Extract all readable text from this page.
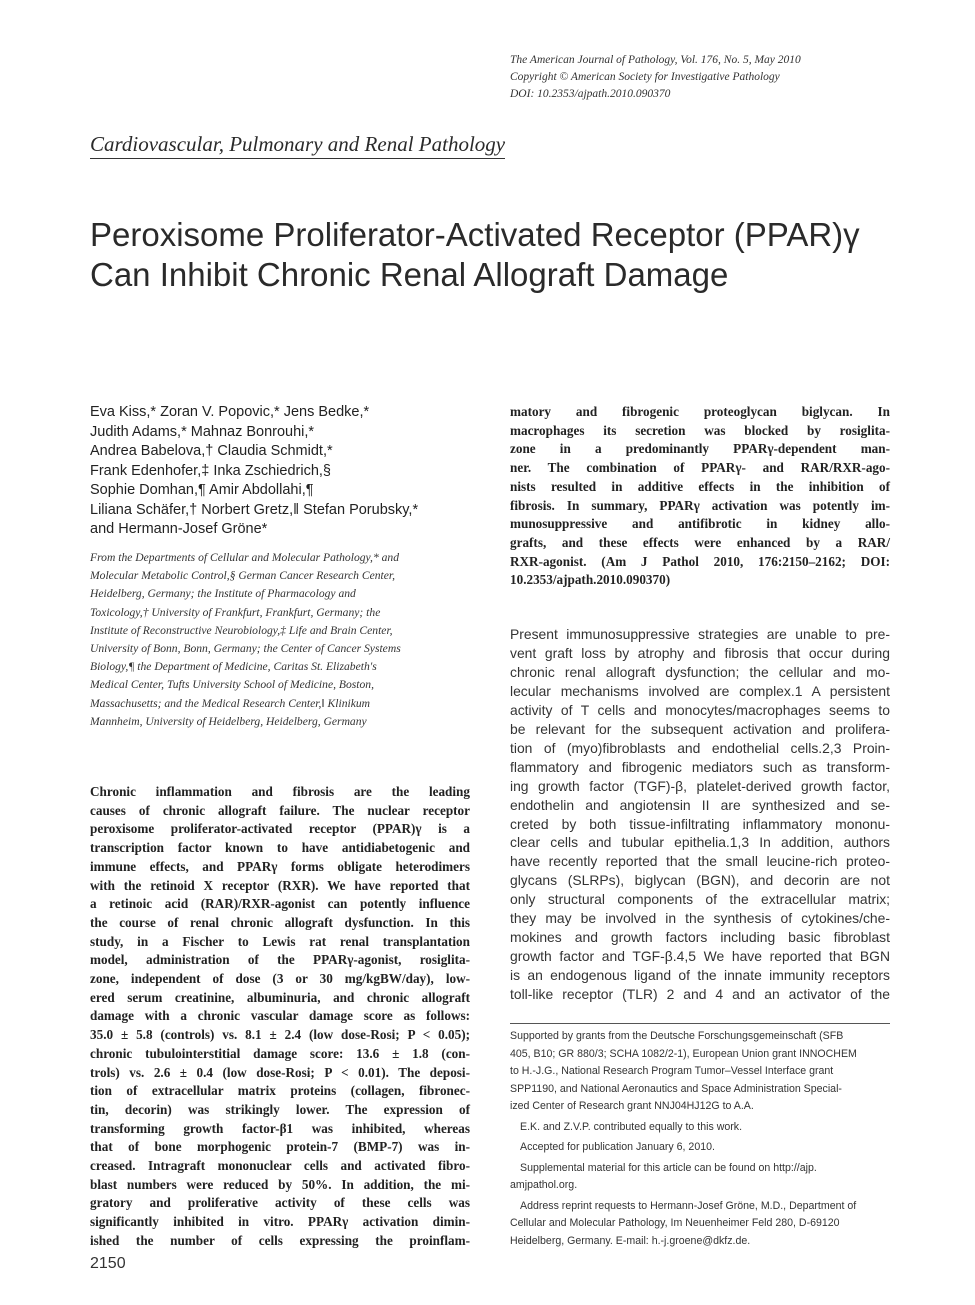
The American Journal of Pathology, Vol. 176, No. 5, May 2010
Copyright © American Society for Investigative Pathology
DOI: 10.2353/ajpath.2010.090370
Cardiovascular, Pulmonary and Renal Pathology
Peroxisome Proliferator-Activated Receptor (PPAR)γ
Can Inhibit Chronic Renal Allograft Damage
Eva Kiss,* Zoran V. Popovic,* Jens Bedke,*
Judith Adams,* Mahnaz Bonrouhi,*
Andrea Babelova,† Claudia Schmidt,*
Frank Edenhofer,‡ Inka Zschiedrich,§
Sophie Domhan,¶ Amir Abdollahi,¶
Liliana Schäfer,† Norbert Gretz,‖ Stefan Porubsky,*
and Hermann-Josef Gröne*
From the Departments of Cellular and Molecular Pathology,* and
Molecular Metabolic Control,§ German Cancer Research Center,
Heidelberg, Germany; the Institute of Pharmacology and
Toxicology,† University of Frankfurt, Frankfurt, Germany; the
Institute of Reconstructive Neurobiology,‡ Life and Brain Center,
University of Bonn, Bonn, Germany; the Center of Cancer Systems
Biology,¶ the Department of Medicine, Caritas St. Elizabeth's
Medical Center, Tufts University School of Medicine, Boston,
Massachusetts; and the Medical Research Center,‖ Klinikum
Mannheim, University of Heidelberg, Heidelberg, Germany
Chronic inflammation and fibrosis are the leading
causes of chronic allograft failure. The nuclear receptor
peroxisome proliferator-activated receptor (PPAR)γ is a
transcription factor known to have antidiabetogenic and
immune effects, and PPARγ forms obligate heterodimers
with the retinoid X receptor (RXR). We have reported that
a retinoic acid (RAR)/RXR-agonist can potently influence
the course of renal chronic allograft dysfunction. In this
study, in a Fischer to Lewis rat renal transplantation
model, administration of the PPARγ-agonist, rosiglita-
zone, independent of dose (3 or 30 mg/kgBW/day), low-
ered serum creatinine, albuminuria, and chronic allograft
damage with a chronic vascular damage score as follows:
35.0 ± 5.8 (controls) vs. 8.1 ± 2.4 (low dose-Rosi; P < 0.05);
chronic tubulointerstitial damage score: 13.6 ± 1.8 (con-
trols) vs. 2.6 ± 0.4 (low dose-Rosi; P < 0.01). The deposi-
tion of extracellular matrix proteins (collagen, fibronec-
tin, decorin) was strikingly lower. The expression of
transforming growth factor-β1 was inhibited, whereas
that of bone morphogenic protein-7 (BMP-7) was in-
creased. Intragraft mononuclear cells and activated fibro-
blast numbers were reduced by 50%. In addition, the mi-
gratory and proliferative activity of these cells was
significantly inhibited in vitro. PPARγ activation dimin-
ished the number of cells expressing the proinflam-
matory and fibrogenic proteoglycan biglycan. In
macrophages its secretion was blocked by rosiglita-
zone in a predominantly PPARγ-dependent man-
ner. The combination of PPARγ- and RAR/RXR-ago-
nists resulted in additive effects in the inhibition of
fibrosis. In summary, PPARγ activation was potently im-
munosuppressive and antifibrotic in kidney allo-
grafts, and these effects were enhanced by a RAR/
RXR-agonist. (Am J Pathol 2010, 176:2150–2162; DOI:
10.2353/ajpath.2010.090370)
Present immunosuppressive strategies are unable to pre-
vent graft loss by atrophy and fibrosis that occur during
chronic renal allograft dysfunction; the cellular and mo-
lecular mechanisms involved are complex.1 A persistent
activity of T cells and monocytes/macrophages seems to
be relevant for the subsequent activation and prolifera-
tion of (myo)fibroblasts and endothelial cells.2,3 Proin-
flammatory and fibrogenic mediators such as transform-
ing growth factor (TGF)-β, platelet-derived growth factor,
endothelin and angiotensin II are synthesized and se-
creted by both tissue-infiltrating inflammatory mononu-
clear cells and tubular epithelia.1,3 In addition, authors
have recently reported that the small leucine-rich proteo-
glycans (SLRPs), biglycan (BGN), and decorin are not
only structural components of the extracellular matrix;
they may be involved in the synthesis of cytokines/che-
mokines and growth factors including basic fibroblast
growth factor and TGF-β.4,5 We have reported that BGN
is an endogenous ligand of the innate immunity receptors
toll-like receptor (TLR) 2 and 4 and an activator of the
Supported by grants from the Deutsche Forschungsgemeinschaft (SFB
405, B10; GR 880/3; SCHA 1082/2-1), European Union grant INNOCHEM
to H.-J.G., National Research Program Tumor–Vessel Interface grant
SPP1190, and National Aeronautics and Space Administration Special-
ized Center of Research grant NNJ04HJ12G to A.A.
E.K. and Z.V.P. contributed equally to this work.
Accepted for publication January 6, 2010.
Supplemental material for this article can be found on http://ajp.
amjpathol.org.
Address reprint requests to Hermann-Josef Gröne, M.D., Department of
Cellular and Molecular Pathology, Im Neuenheimer Feld 280, D-69120
Heidelberg, Germany. E-mail: h.-j.groene@dkfz.de.
2150
